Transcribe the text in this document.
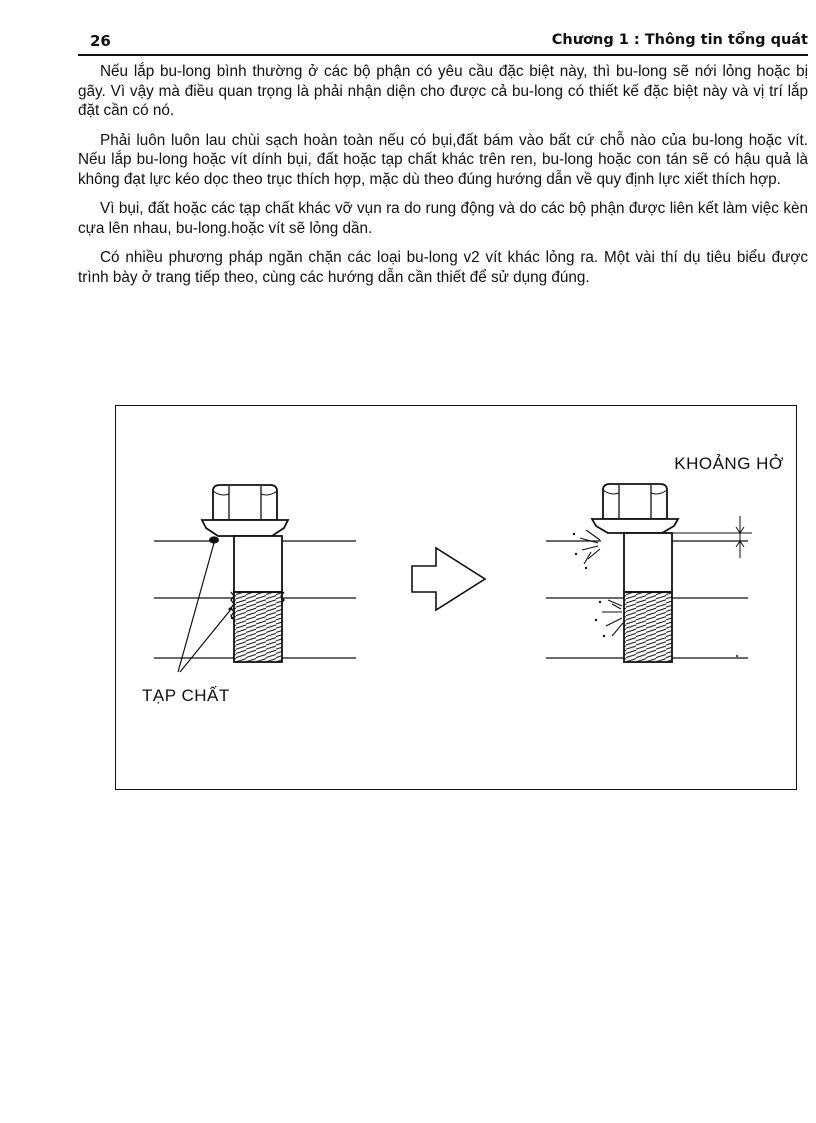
26	Chương 1 : Thông tin tổng quát

Nếu lắp bu-long bình thường ở các bộ phận có yêu cầu đặc biệt này, thì bu-long sẽ nới lỏng hoặc bị gãy. Vì vậy mà điều quan trọng là phải nhận diện cho được cả bu-long có thiết kế đặc biệt này và vị trí lắp đặt cần có nó.

Phải luôn luôn lau chùi sạch hoàn toàn nếu có bụi,đất bám vào bất cứ chỗ nào của bu-long hoặc vít. Nếu lắp bu-long hoặc vít dính bụi, đất hoặc tạp chất khác trên ren, bu-long hoặc con tán sẽ có hậu quả là không đạt lực kéo dọc theo trục thích hợp, mặc dù theo đúng hướng dẫn về quy định lực xiết thích hợp.

Vì bụi, đất hoặc các tạp chất khác vỡ vụn ra do rung động và do các bộ phận được liên kết làm việc kèn cựa lên nhau, bu-long.hoặc vít sẽ lỏng dần.

Có nhiều phương pháp ngăn chặn các loại bu-long v2 vít khác lỏng ra. Một vài thí dụ tiêu biểu được trình bày ở trang tiếp theo, cùng các hướng dẫn cần thiết để sử dụng đúng.

KHOẢNG HỞ
TẠP CHẤT
